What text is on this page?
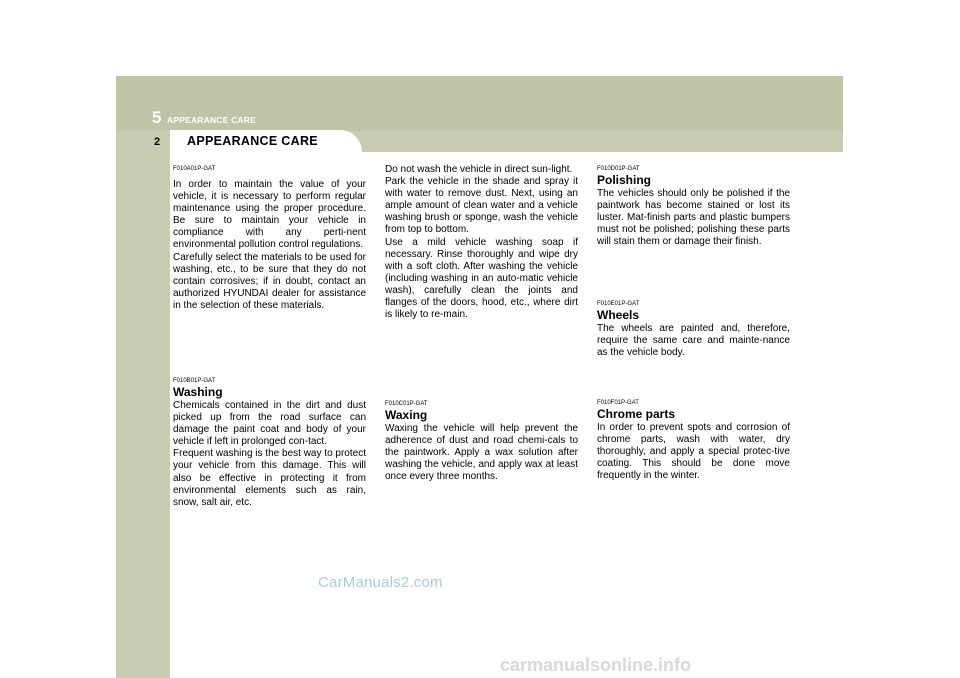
5 APPEARANCE CARE
2 APPEARANCE CARE

F010A01P-GAT

In order to maintain the value of your vehicle, it is necessary to perform regular maintenance using the proper procedure. Be sure to maintain your vehicle in compliance with any perti-nent environmental pollution control regulations.
Carefully select the materials to be used for washing, etc., to be sure that they do not contain corrosives; if in doubt, contact an authorized HYUNDAI dealer for assistance in the selection of these materials.

F010B01P-GAT

Washing

Chemicals contained in the dirt and dust picked up from the road surface can damage the paint coat and body of your vehicle if left in prolonged con-tact.
Frequent washing is the best way to protect your vehicle from this damage. This will also be effective in protecting it from environmental elements such as rain, snow, salt air, etc.

Do not wash the vehicle in direct sun-light.
Park the vehicle in the shade and spray it with water to remove dust. Next, using an ample amount of clean water and a vehicle washing brush or sponge, wash the vehicle from top to bottom.
Use a mild vehicle washing soap if necessary. Rinse thoroughly and wipe dry with a soft cloth. After washing the vehicle (including washing in an auto-matic vehicle wash), carefully clean the joints and flanges of the doors, hood, etc., where dirt is likely to re-main.

F010C01P-GAT

Waxing

Waxing the vehicle will help prevent the adherence of dust and road chemi-cals to the paintwork. Apply a wax solution after washing the vehicle, and apply wax at least once every three months.

F010D01P-GAT

Polishing

The vehicles should only be polished if the paintwork has become stained or lost its luster. Mat-finish parts and plastic bumpers must not be polished; polishing these parts will stain them or damage their finish.

F010E01P-GAT

Wheels

The wheels are painted and, therefore, require the same care and mainte-nance as the vehicle body.

F010F01P-GAT

Chrome parts

In order to prevent spots and corrosion of chrome parts, wash with water, dry thoroughly, and apply a special protec-tive coating. This should be done move frequently in the winter.

CarManuals2.com
carmanualsonline.info
